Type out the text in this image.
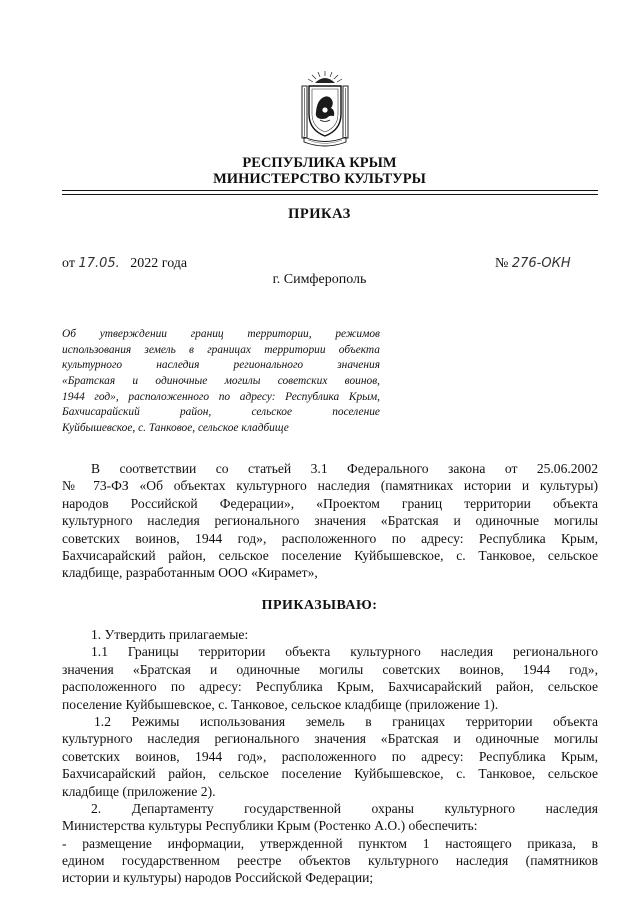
РЕСПУБЛИКА КРЫМ
МИНИСТЕРСТВО КУЛЬТУРЫ
ПРИКАЗ
от 17.05. 2022 года	№ 276-ОКН
г. Симферополь
Об утверждении границ территории, режимов
использования земель в границах территории объекта
культурного наследия регионального значения
«Братская и одиночные могилы советских воинов,
1944 год», расположенного по адресу: Республика Крым,
Бахчисарайский район, сельское поселение
Куйбышевское, с. Танковое, сельское кладбище
В соответствии со статьей 3.1 Федерального закона от 25.06.2002
№ 73-ФЗ «Об объектах культурного наследия (памятниках истории и культуры)
народов Российской Федерации», «Проектом границ территории объекта
культурного наследия регионального значения «Братская и одиночные могилы
советских воинов, 1944 год», расположенного по адресу: Республика Крым,
Бахчисарайский район, сельское поселение Куйбышевское, с. Танковое, сельское
кладбище, разработанным ООО «Кирамет»,
ПРИКАЗЫВАЮ:
1. Утвердить прилагаемые:
1.1 Границы территории объекта культурного наследия регионального
значения «Братская и одиночные могилы советских воинов, 1944 год»,
расположенного по адресу: Республика Крым, Бахчисарайский район, сельское
поселение Куйбышевское, с. Танковое, сельское кладбище (приложение 1).
1.2 Режимы использования земель в границах территории объекта
культурного наследия регионального значения «Братская и одиночные могилы
советских воинов, 1944 год», расположенного по адресу: Республика Крым,
Бахчисарайский район, сельское поселение Куйбышевское, с. Танковое, сельское
кладбище (приложение 2).
2. Департаменту государственной охраны культурного наследия
Министерства культуры Республики Крым (Ростенко А.О.) обеспечить:
- размещение информации, утвержденной пунктом 1 настоящего приказа, в
едином государственном реестре объектов культурного наследия (памятников
истории и культуры) народов Российской Федерации;
